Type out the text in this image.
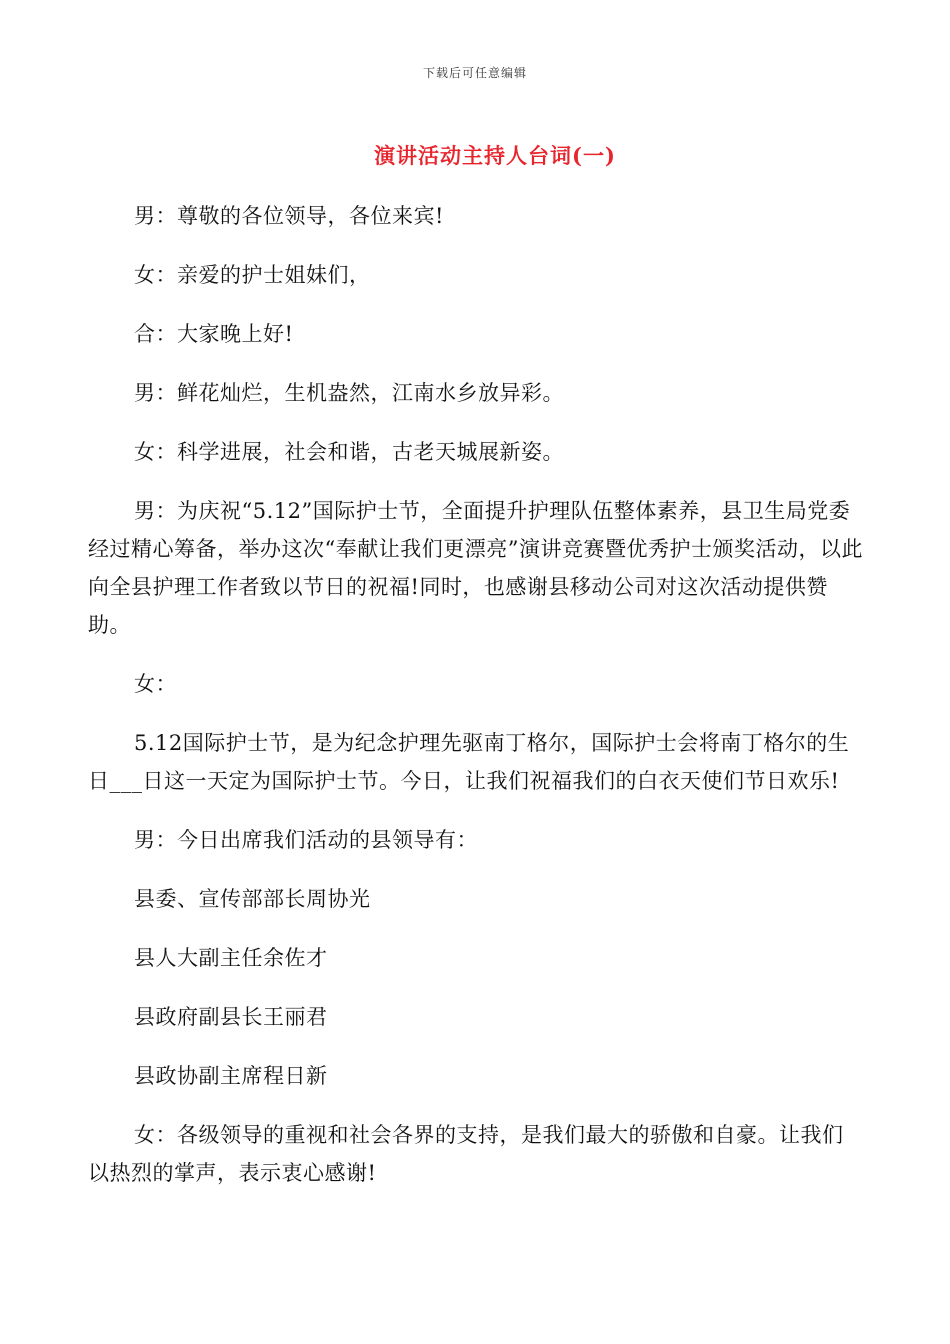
下载后可任意编辑
演讲活动主持人台词(一)

男：尊敬的各位领导，各位来宾!

女：亲爱的护士姐妹们，

合：大家晚上好!

男：鲜花灿烂，生机盎然，江南水乡放异彩。

女：科学进展，社会和谐，古老天城展新姿。

男：为庆祝“5.12”国际护士节，全面提升护理队伍整体素养，县卫生局党委经过精心筹备，举办这次“奉献让我们更漂亮”演讲竞赛暨优秀护士颁奖活动，以此向全县护理工作者致以节日的祝福!同时，也感谢县移动公司对这次活动提供赞助。

女：

5.12国际护士节，是为纪念护理先驱南丁格尔，国际护士会将南丁格尔的生日___日这一天定为国际护士节。今日，让我们祝福我们的白衣天使们节日欢乐!

男：今日出席我们活动的县领导有：

县委、宣传部部长周协光

县人大副主任余佐才

县政府副县长王丽君

县政协副主席程日新

女：各级领导的重视和社会各界的支持，是我们最大的骄傲和自豪。让我们以热烈的掌声，表示衷心感谢!
